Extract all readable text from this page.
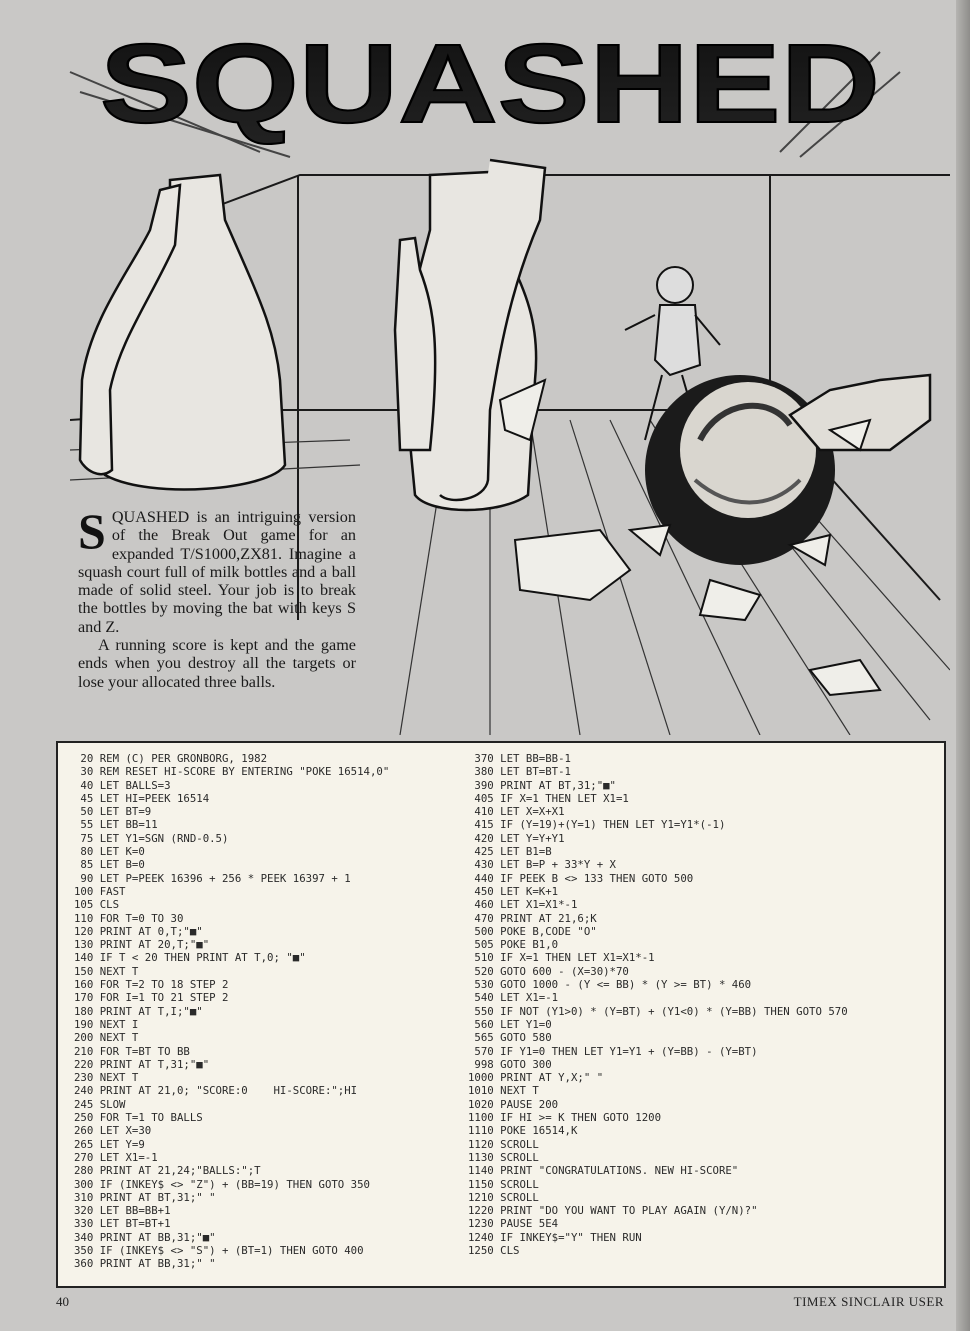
SQUASHED

SQUASHED is an intriguing version of the Break Out game for an expanded T/S1000,ZX81. Imagine a squash court full of milk bottles and a ball made of solid steel. Your job is to break the bottles by moving the bat with keys S and Z.

A running score is kept and the game ends when you destroy all the targets or lose your allocated three balls.

20 REM (C) PER GRONBORG, 1982
30 REM RESET HI-SCORE BY ENTERING "POKE 16514,0"
40 LET BALLS=3
45 LET HI=PEEK 16514
50 LET BT=9
55 LET BB=11
75 LET Y1=SGN (RND-0.5)
80 LET K=0
85 LET B=0
90 LET P=PEEK 16396 + 256 * PEEK 16397 + 1
100 FAST
105 CLS
110 FOR T=0 TO 30
120 PRINT AT 0,T;"■"
130 PRINT AT 20,T;"■"
140 IF T < 20 THEN PRINT AT T,0; "■"
150 NEXT T
160 FOR T=2 TO 18 STEP 2
170 FOR I=1 TO 21 STEP 2
180 PRINT AT T,I;"■"
190 NEXT I
200 NEXT T
210 FOR T=BT TO BB
220 PRINT AT T,31;"■"
230 NEXT T
240 PRINT AT 21,0; "SCORE:0    HI-SCORE:";HI
245 SLOW
250 FOR T=1 TO BALLS
260 LET X=30
265 LET Y=9
270 LET X1=-1
280 PRINT AT 21,24;"BALLS:";T
300 IF (INKEY$ <> "Z") + (BB=19) THEN GOTO 350
310 PRINT AT BT,31;" "
320 LET BB=BB+1
330 LET BT=BT+1
340 PRINT AT BB,31;"■"
350 IF (INKEY$ <> "S") + (BT=1) THEN GOTO 400
360 PRINT AT BB,31;" "
370 LET BB=BB-1
380 LET BT=BT-1
390 PRINT AT BT,31;"■"
405 IF X=1 THEN LET X1=1
410 LET X=X+X1
415 IF (Y=19)+(Y=1) THEN LET Y1=Y1*(-1)
420 LET Y=Y+Y1
425 LET B1=B
430 LET B=P + 33*Y + X
440 IF PEEK B <> 133 THEN GOTO 500
450 LET K=K+1
460 LET X1=X1*-1
470 PRINT AT 21,6;K
500 POKE B,CODE "O"
505 POKE B1,0
510 IF X=1 THEN LET X1=X1*-1
520 GOTO 600 - (X=30)*70
530 GOTO 1000 - (Y <= BB) * (Y >= BT) * 460
540 LET X1=-1
550 IF NOT (Y1>0) * (Y=BT) + (Y1<0) * (Y=BB) THEN GOTO 570
560 LET Y1=0
565 GOTO 580
570 IF Y1=0 THEN LET Y1=Y1 + (Y=BB) - (Y=BT)
998 GOTO 300
1000 PRINT AT Y,X;" "
1010 NEXT T
1020 PAUSE 200
1100 IF HI >= K THEN GOTO 1200
1110 POKE 16514,K
1120 SCROLL
1130 SCROLL
1140 PRINT "CONGRATULATIONS. NEW HI-SCORE"
1150 SCROLL
1210 SCROLL
1220 PRINT "DO YOU WANT TO PLAY AGAIN (Y/N)?"
1230 PAUSE 5E4
1240 IF INKEY$="Y" THEN RUN
1250 CLS
40	TIMEX SINCLAIR USER
